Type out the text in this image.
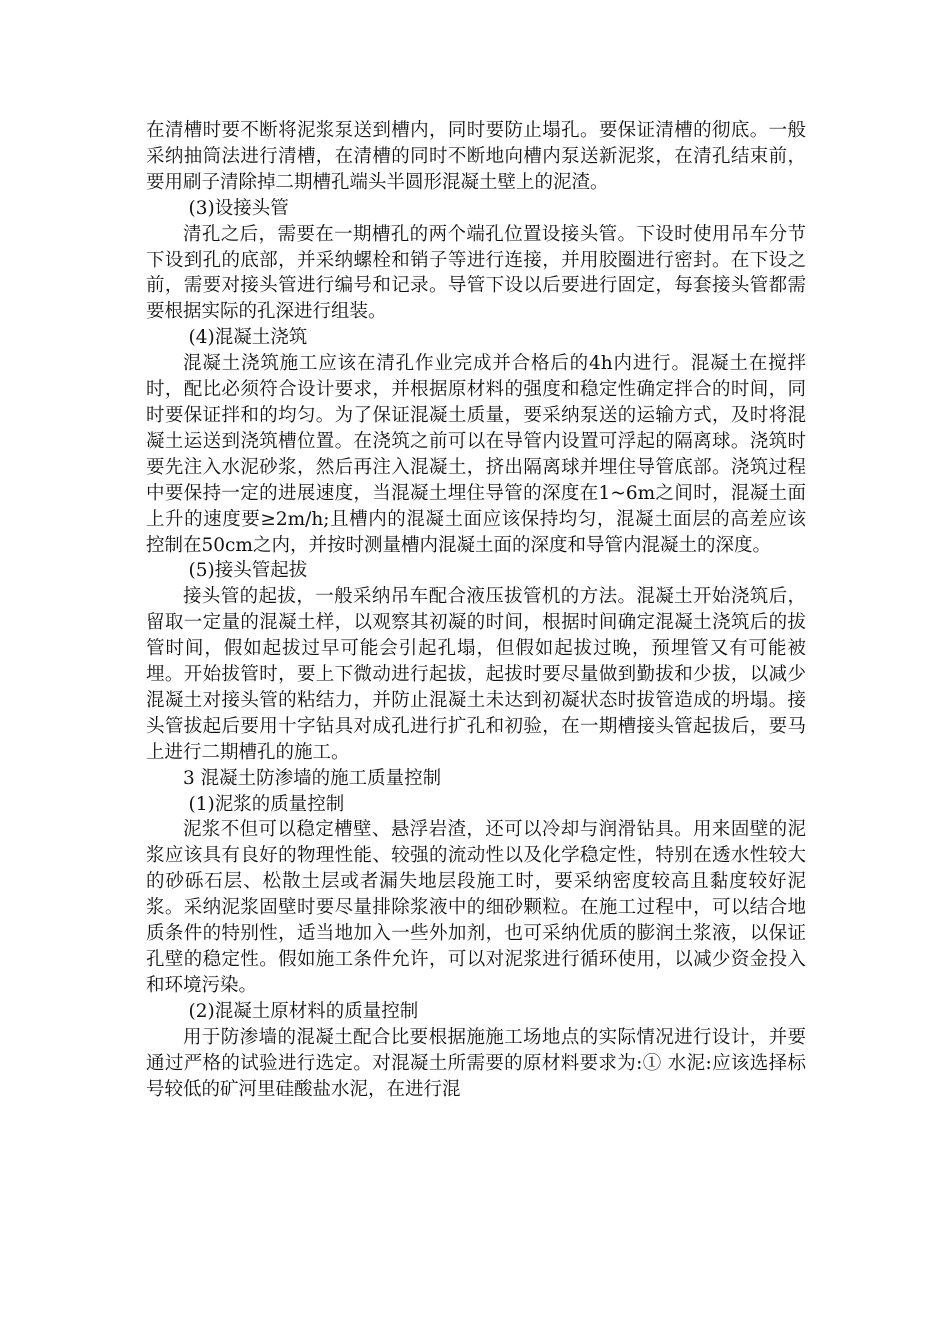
在清槽时要不断将泥浆泵送到槽内，同时要防止塌孔。要保证清槽的彻底。一般采纳抽筒法进行清槽，在清槽的同时不断地向槽内泵送新泥浆，在清孔结束前，要用刷子清除掉二期槽孔端头半圆形混凝土壁上的泥渣。

(3)设接头管

清孔之后，需要在一期槽孔的两个端孔位置设接头管。下设时使用吊车分节下设到孔的底部，并采纳螺栓和销子等进行连接，并用胶圈进行密封。在下设之前，需要对接头管进行编号和记录。导管下设以后要进行固定，每套接头管都需要根据实际的孔深进行组装。

(4)混凝土浇筑

混凝土浇筑施工应该在清孔作业完成并合格后的4h内进行。混凝土在搅拌时，配比必须符合设计要求，并根据原材料的强度和稳定性确定拌合的时间，同时要保证拌和的均匀。为了保证混凝土质量，要采纳泵送的运输方式，及时将混凝土运送到浇筑槽位置。在浇筑之前可以在导管内设置可浮起的隔离球。浇筑时要先注入水泥砂浆，然后再注入混凝土，挤出隔离球并埋住导管底部。浇筑过程中要保持一定的进展速度，当混凝土埋住导管的深度在1~6m之间时，混凝土面上升的速度要≥2m/h;且槽内的混凝土面应该保持均匀，混凝土面层的高差应该控制在50cm之内，并按时测量槽内混凝土面的深度和导管内混凝土的深度。

(5)接头管起拔

接头管的起拔，一般采纳吊车配合液压拔管机的方法。混凝土开始浇筑后，留取一定量的混凝土样，以观察其初凝的时间，根据时间确定混凝土浇筑后的拔管时间，假如起拔过早可能会引起孔塌，但假如起拔过晚，预埋管又有可能被埋。开始拔管时，要上下微动进行起拔，起拔时要尽量做到勤拔和少拔，以减少混凝土对接头管的粘结力，并防止混凝土未达到初凝状态时拔管造成的坍塌。接头管拔起后要用十字钻具对成孔进行扩孔和初验，在一期槽接头管起拔后，要马上进行二期槽孔的施工。

3 混凝土防渗墙的施工质量控制

(1)泥浆的质量控制

泥浆不但可以稳定槽壁、悬浮岩渣，还可以冷却与润滑钻具。用来固壁的泥浆应该具有良好的物理性能、较强的流动性以及化学稳定性，特别在透水性较大的砂砾石层、松散土层或者漏失地层段施工时，要采纳密度较高且黏度较好泥浆。采纳泥浆固壁时要尽量排除浆液中的细砂颗粒。在施工过程中，可以结合地质条件的特别性，适当地加入一些外加剂，也可采纳优质的膨润土浆液，以保证孔壁的稳定性。假如施工条件允许，可以对泥浆进行循环使用，以减少资金投入和环境污染。

(2)混凝土原材料的质量控制

用于防渗墙的混凝土配合比要根据施施工场地点的实际情况进行设计，并要通过严格的试验进行选定。对混凝土所需要的原材料要求为:① 水泥:应该选择标号较低的矿河里硅酸盐水泥，在进行混
